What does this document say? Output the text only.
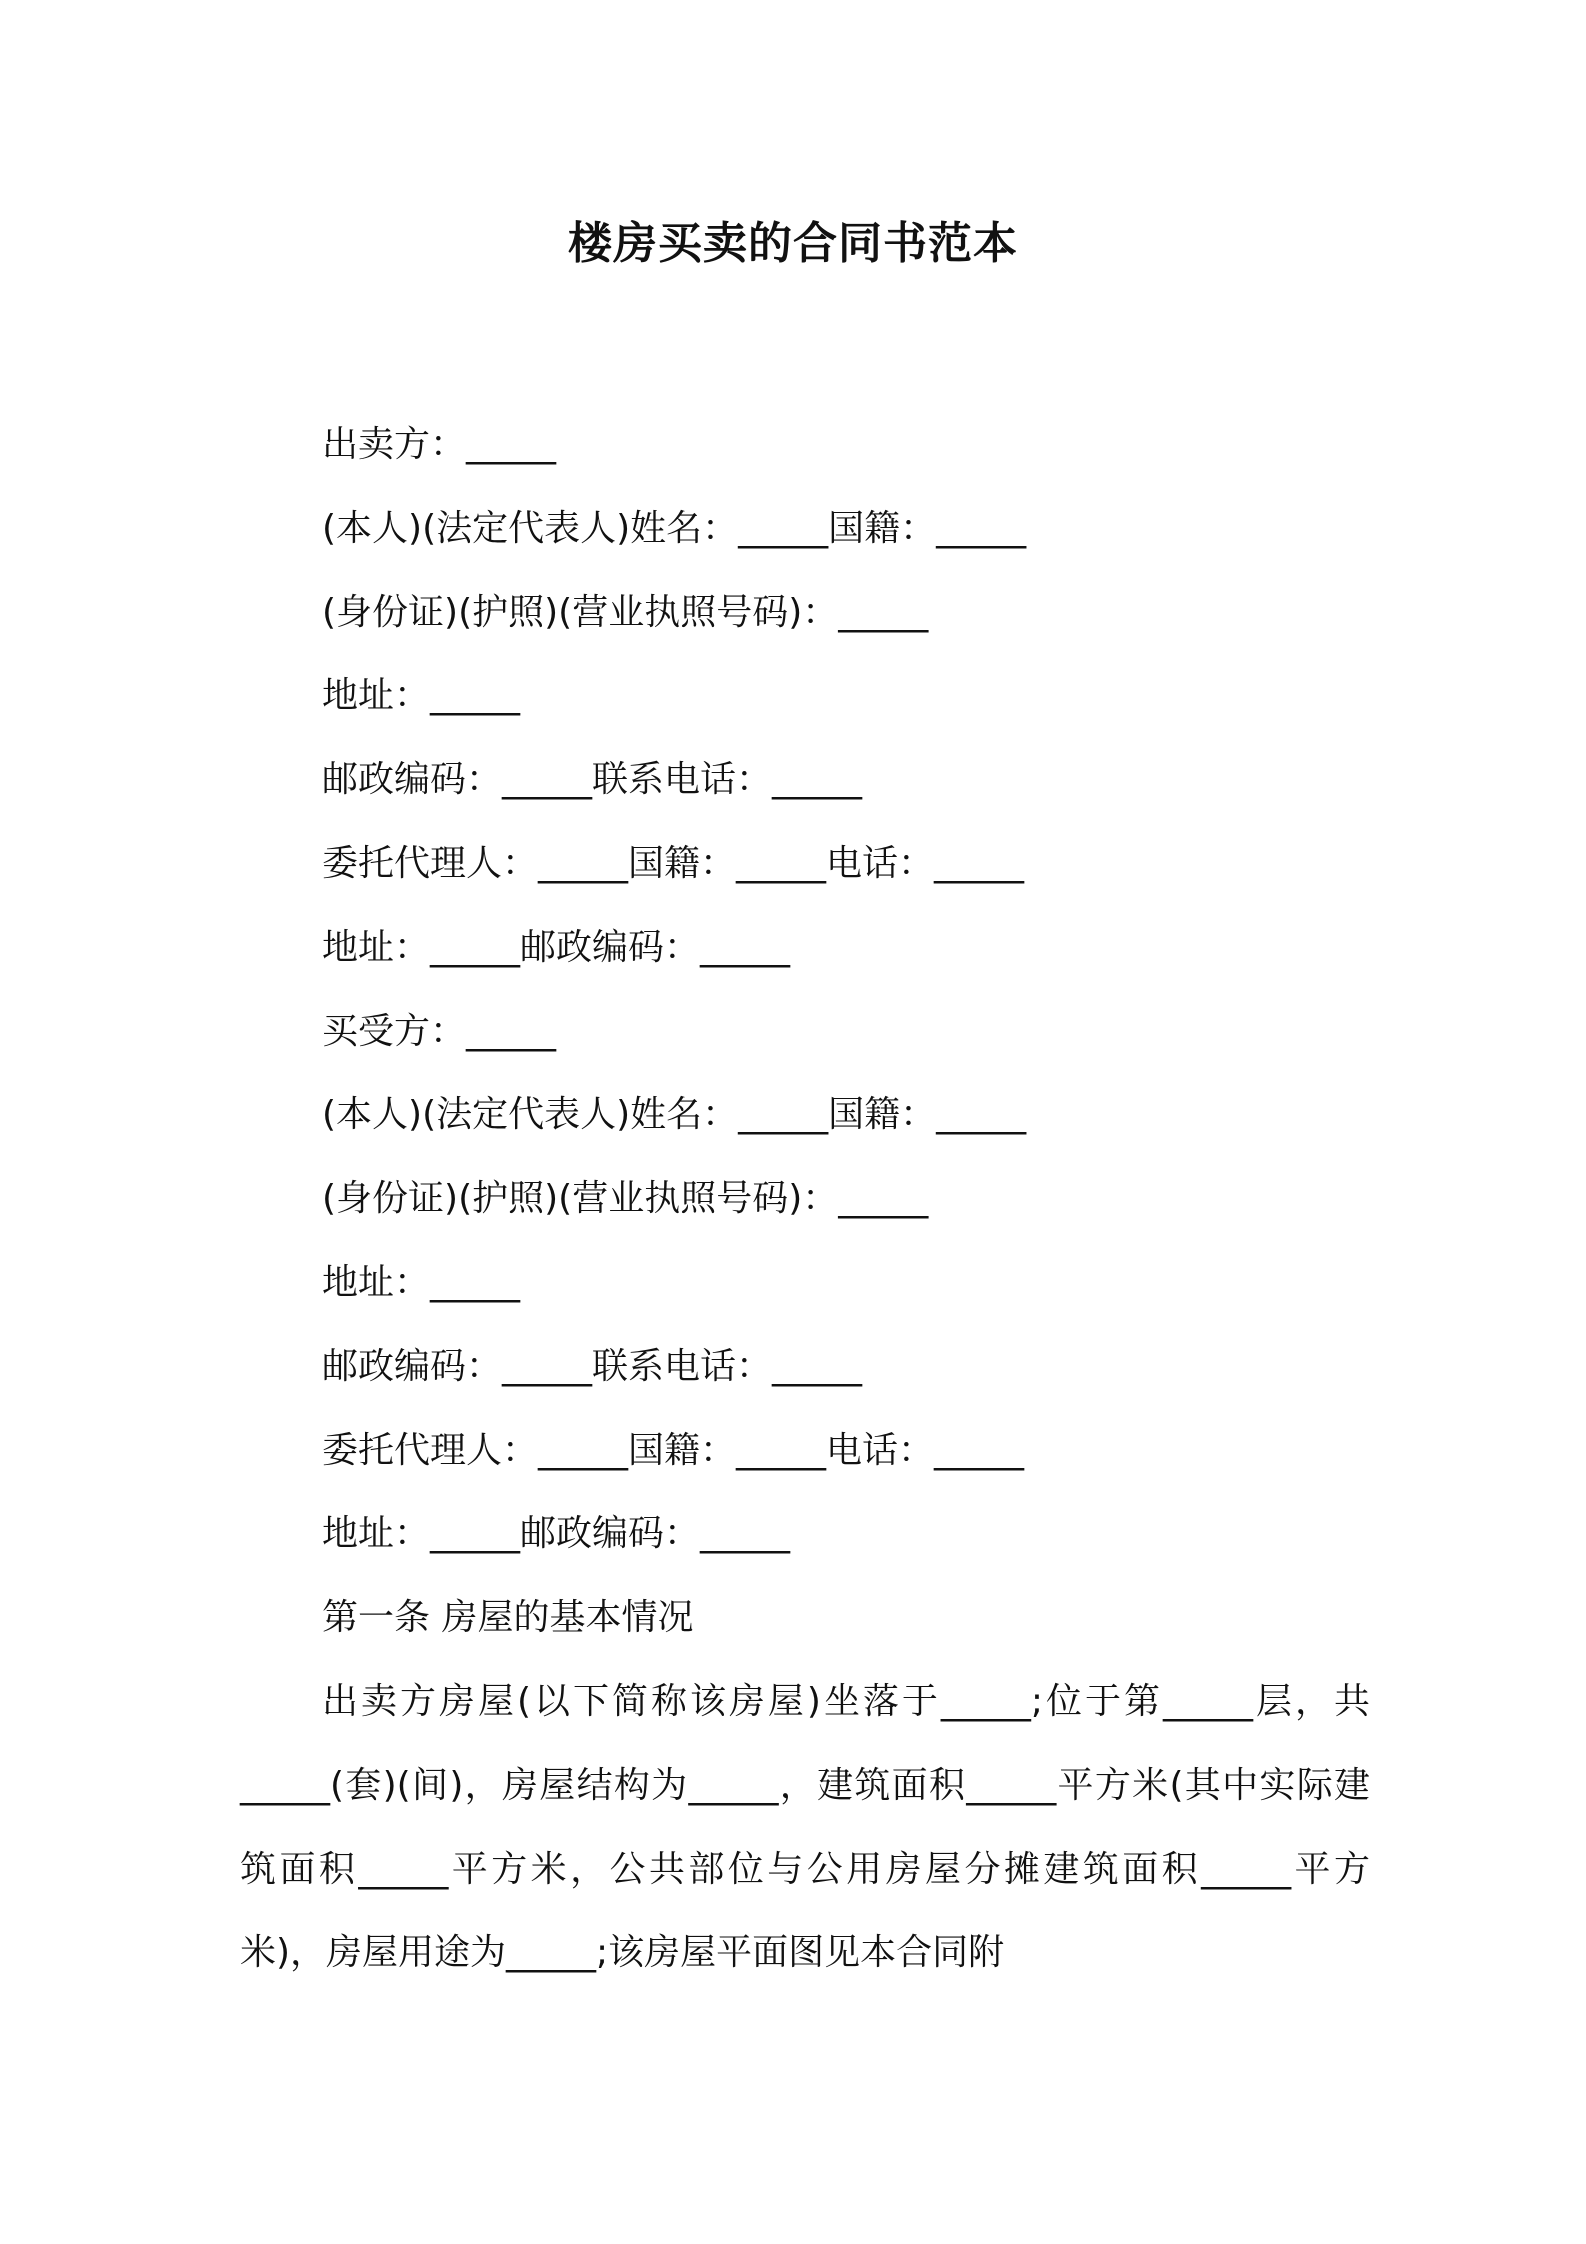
楼房买卖的合同书范本

出卖方：_____

(本人)(法定代表人)姓名：_____国籍：_____

(身份证)(护照)(营业执照号码)：_____

地址：_____

邮政编码：_____联系电话：_____

委托代理人：_____国籍：_____电话：_____

地址：_____邮政编码：_____

买受方：_____

(本人)(法定代表人)姓名：_____国籍：_____

(身份证)(护照)(营业执照号码)：_____

地址：_____

邮政编码：_____联系电话：_____

委托代理人：_____国籍：_____电话：_____

地址：_____邮政编码：_____

第一条 房屋的基本情况

出卖方房屋(以下简称该房屋)坐落于_____;位于第_____层，共_____(套)(间)，房屋结构为_____，建筑面积_____平方米(其中实际建筑面积_____平方米，公共部位与公用房屋分摊建筑面积_____平方米)，房屋用途为_____;该房屋平面图见本合同附
